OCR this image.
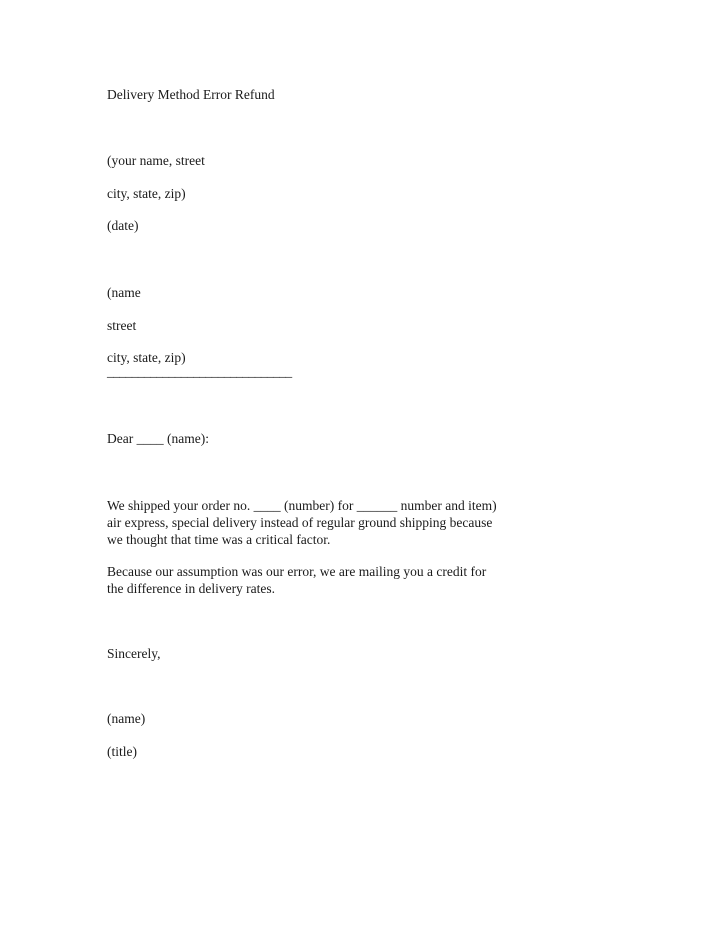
Delivery Method Error Refund
(your name, street
city, state, zip)
(date)
(name
street
city, state, zip)
______________________________
Dear ____ (name):
We shipped your order no. ____ (number) for ______ number and item)
air express, special delivery instead of regular ground shipping because
we thought that time was a critical factor.
Because our assumption was our error, we are mailing you a credit for
the difference in delivery rates.
Sincerely,
(name)
(title)
